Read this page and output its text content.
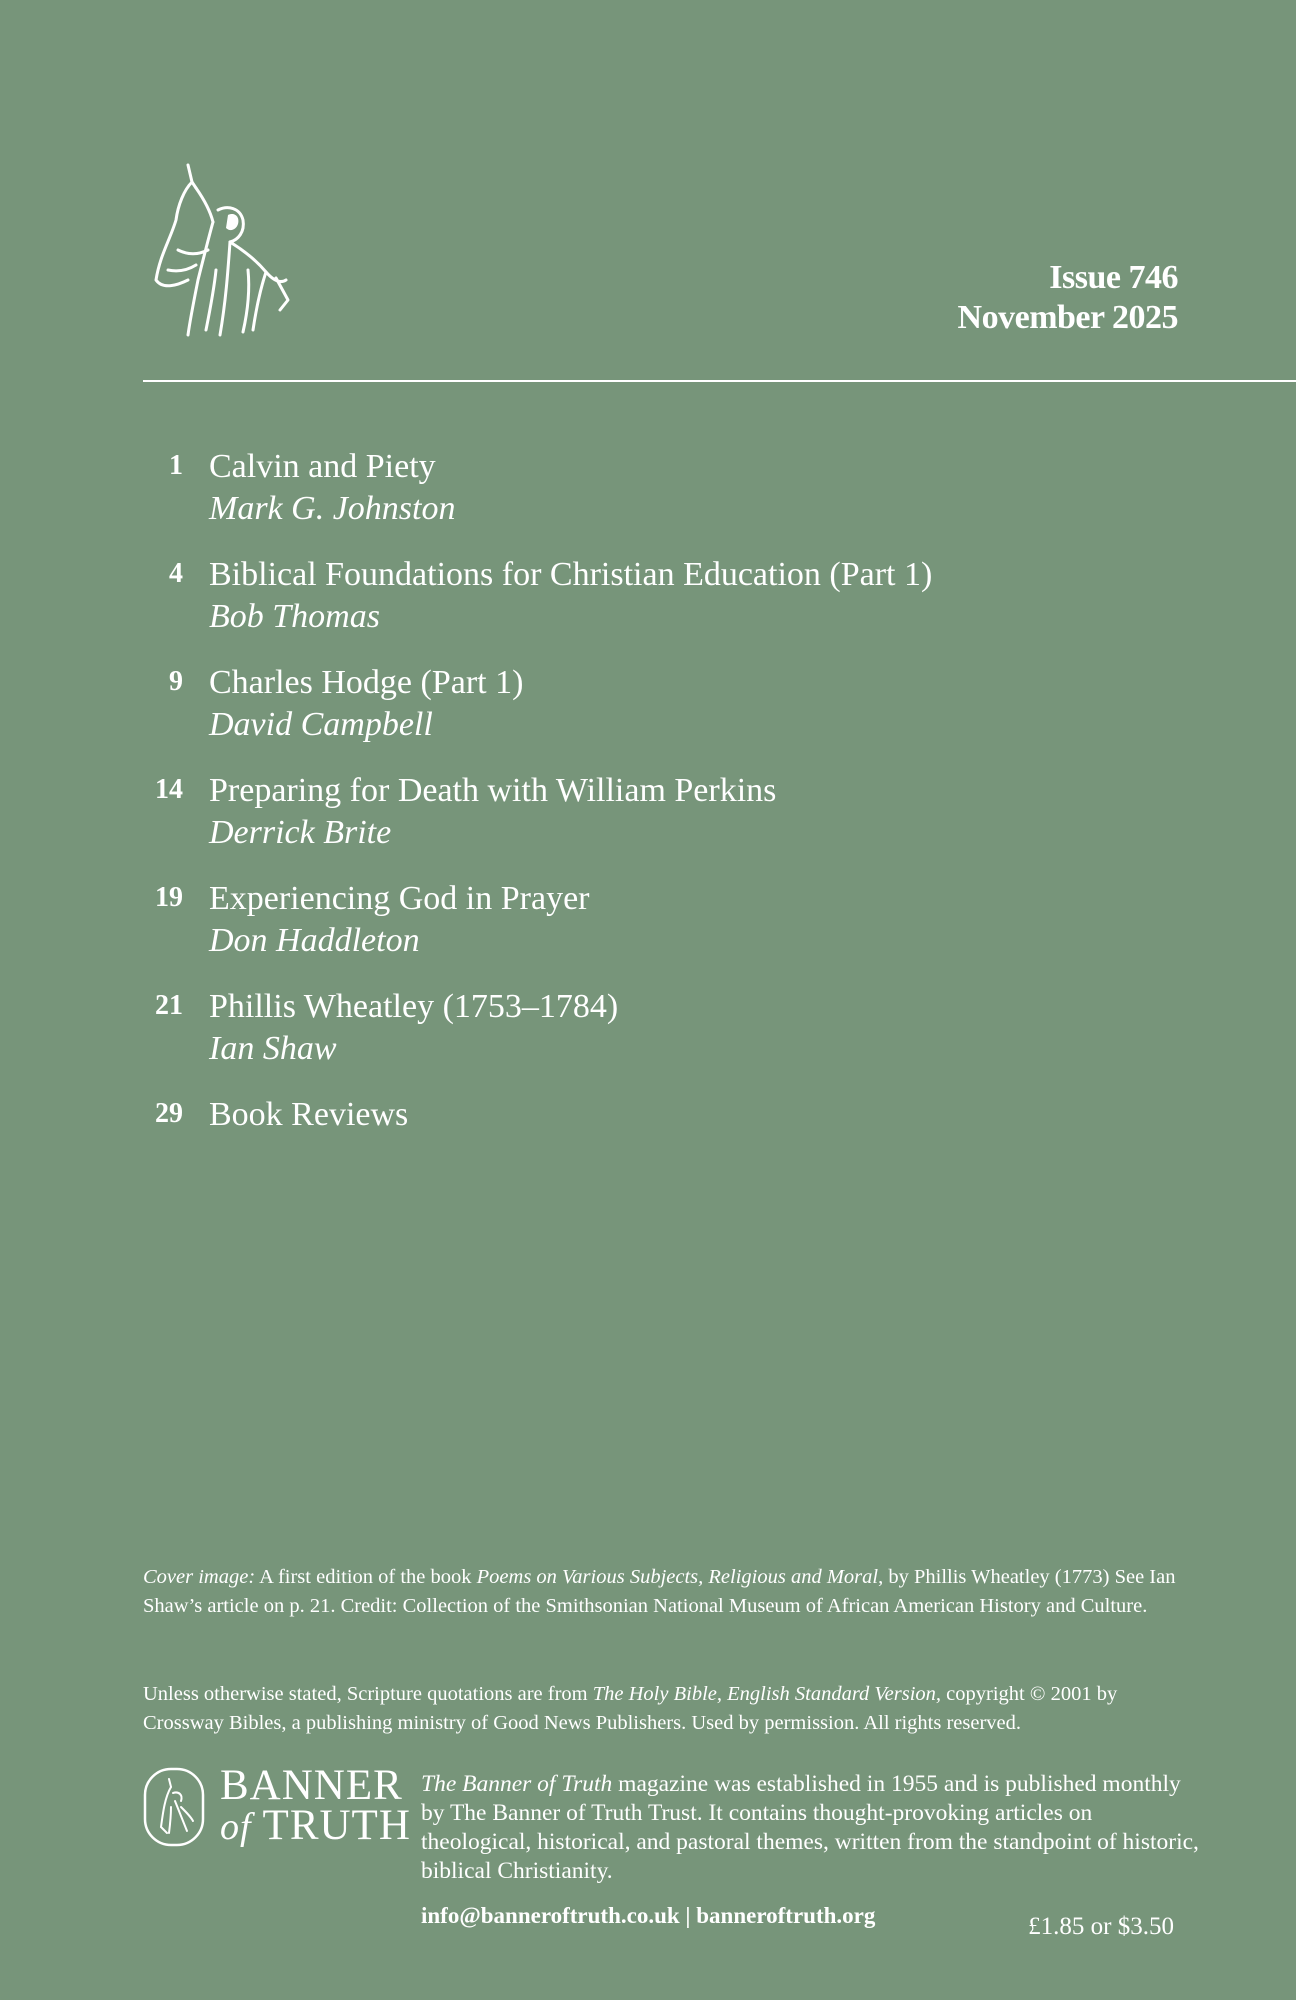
Issue 746
November 2025
1 Calvin and Piety
Mark G. Johnston
4 Biblical Foundations for Christian Education (Part 1)
Bob Thomas
9 Charles Hodge (Part 1)
David Campbell
14 Preparing for Death with William Perkins
Derrick Brite
19 Experiencing God in Prayer
Don Haddleton
21 Phillis Wheatley (1753–1784)
Ian Shaw
29 Book Reviews
Cover image: A first edition of the book Poems on Various Subjects, Religious and Moral, by Phillis Wheatley (1773) See Ian Shaw’s article on p. 21. Credit: Collection of the Smithsonian National Museum of African American History and Culture.
Unless otherwise stated, Scripture quotations are from The Holy Bible, English Standard Version, copyright © 2001 by Crossway Bibles, a publishing ministry of Good News Publishers. Used by permission. All rights reserved.
BANNER
of TRUTH
The Banner of Truth magazine was established in 1955 and is published monthly by The Banner of Truth Trust. It contains thought-provoking articles on theological, historical, and pastoral themes, written from the standpoint of historic, biblical Christianity.
info@banneroftruth.co.uk | banneroftruth.org	£1.85 or $3.50
